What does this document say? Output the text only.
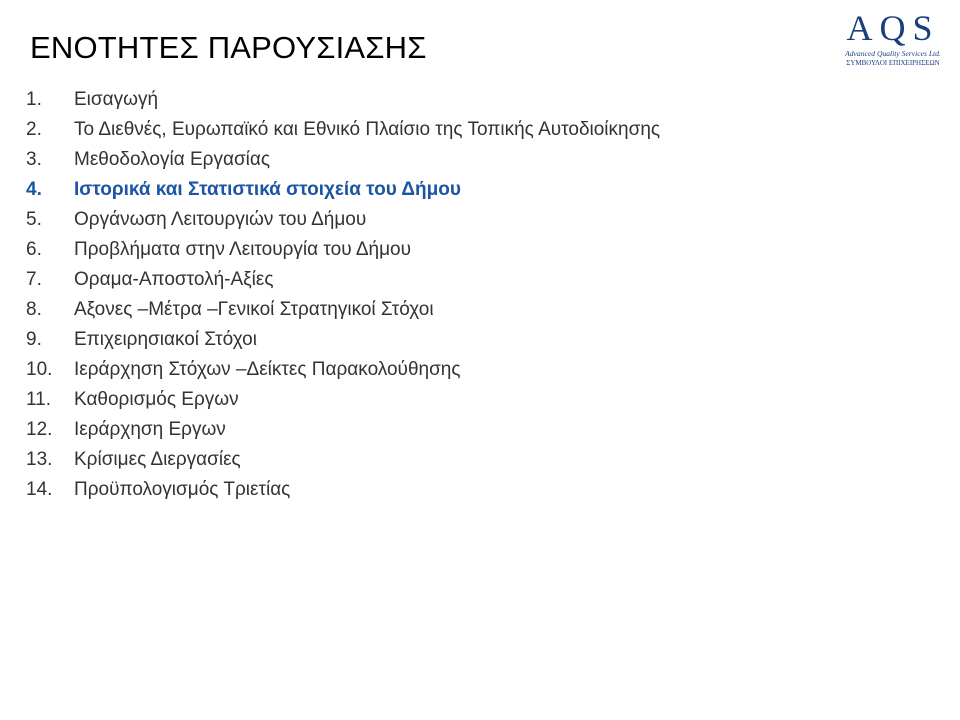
ΕΝΟΤΗΤΕΣ ΠΑΡΟΥΣΙΑΣΗΣ	AQS
Advanced Quality Services Ltd.
ΣΥΜΒΟΥΛΟΙ ΕΠΙΧΕΙΡΗΣΕΩΝ
1.	Εισαγωγή
2.	Το Διεθνές, Ευρωπαϊκό και Εθνικό Πλαίσιο της Τοπικής Αυτοδιοίκησης
3.	Μεθοδολογία Εργασίας
4.	Ιστορικά και Στατιστικά στοιχεία του Δήμου
5.	Οργάνωση Λειτουργιών του Δήμου
6.	Προβλήματα στην Λειτουργία του Δήμου
7.	Οραμα-Αποστολή-Αξίες
8.	Αξονες –Μέτρα –Γενικοί Στρατηγικοί Στόχοι
9.	Επιχειρησιακοί Στόχοι
10.	Ιεράρχηση Στόχων –Δείκτες Παρακολούθησης
11.	Καθορισμός Εργων
12.	Ιεράρχηση Εργων
13.	Κρίσιμες Διεργασίες
14.	Προϋπολογισμός Τριετίας
